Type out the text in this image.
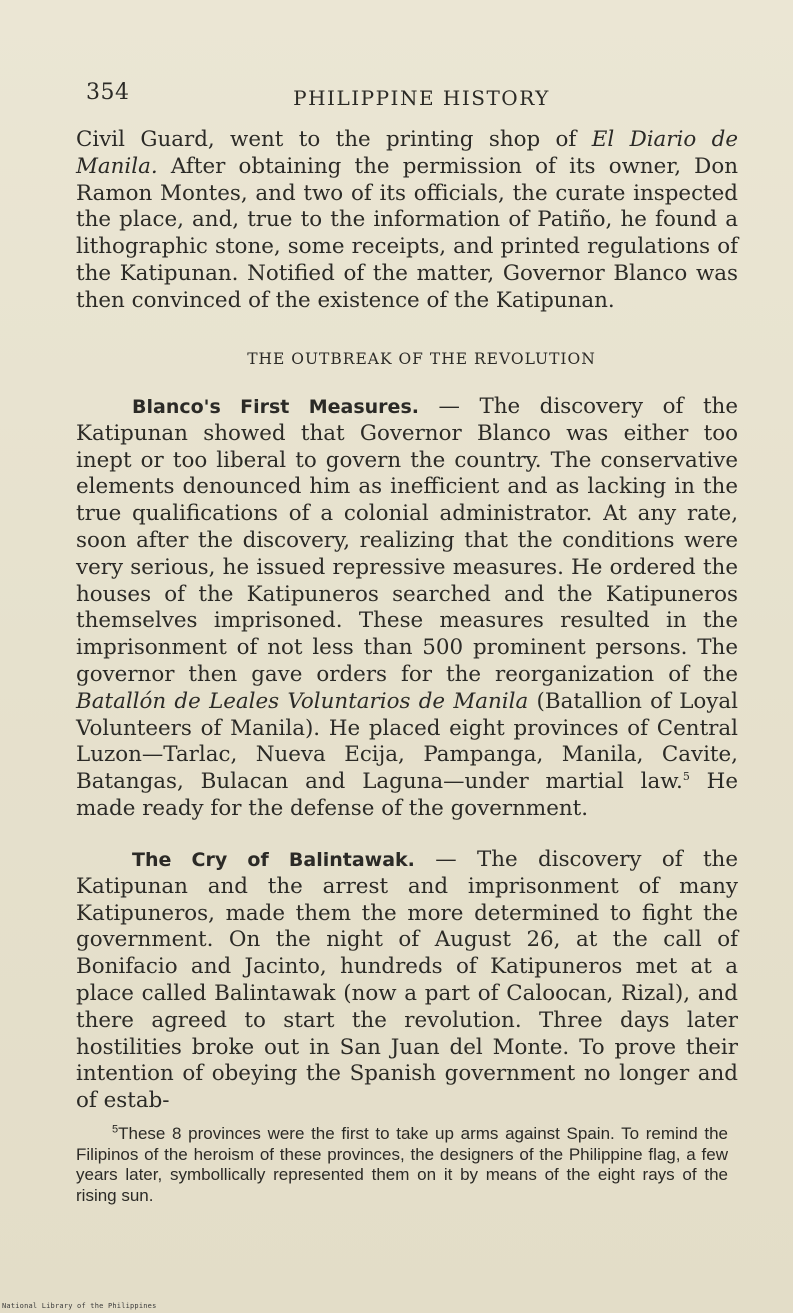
354	PHILIPPINE HISTORY
Civil Guard, went to the printing shop of El Diario de Manila. After obtaining the permission of its owner, Don Ramon Montes, and two of its officials, the curate inspected the place, and, true to the information of Patiño, he found a lithographic stone, some receipts, and printed regulations of the Katipunan. Notified of the matter, Governor Blanco was then convinced of the existence of the Katipunan.
THE OUTBREAK OF THE REVOLUTION
Blanco's First Measures. — The discovery of the Katipunan showed that Governor Blanco was either too inept or too liberal to govern the country. The conservative elements denounced him as inefficient and as lacking in the true qualifications of a colonial administrator. At any rate, soon after the discovery, realizing that the conditions were very serious, he issued repressive measures. He ordered the houses of the Katipuneros searched and the Katipuneros themselves imprisoned. These measures resulted in the imprisonment of not less than 500 prominent persons. The governor then gave orders for the reorganization of the Batallón de Leales Voluntarios de Manila (Batallion of Loyal Volunteers of Manila). He placed eight provinces of Central Luzon—Tarlac, Nueva Ecija, Pampanga, Manila, Cavite, Batangas, Bulacan and Laguna—under martial law.$^5$ He made ready for the defense of the government.
The Cry of Balintawak. — The discovery of the Katipunan and the arrest and imprisonment of many Katipuneros, made them the more determined to fight the government. On the night of August 26, at the call of Bonifacio and Jacinto, hundreds of Katipuneros met at a place called Balintawak (now a part of Caloocan, Rizal), and there agreed to start the revolution. Three days later hostilities broke out in San Juan del Monte. To prove their intention of obeying the Spanish government no longer and of estab-
$^5$These 8 provinces were the first to take up arms against Spain. To remind the Filipinos of the heroism of these provinces, the designers of the Philippine flag, a few years later, symbollically represented them on it by means of the eight rays of the rising sun.
National Library of the Philippines
